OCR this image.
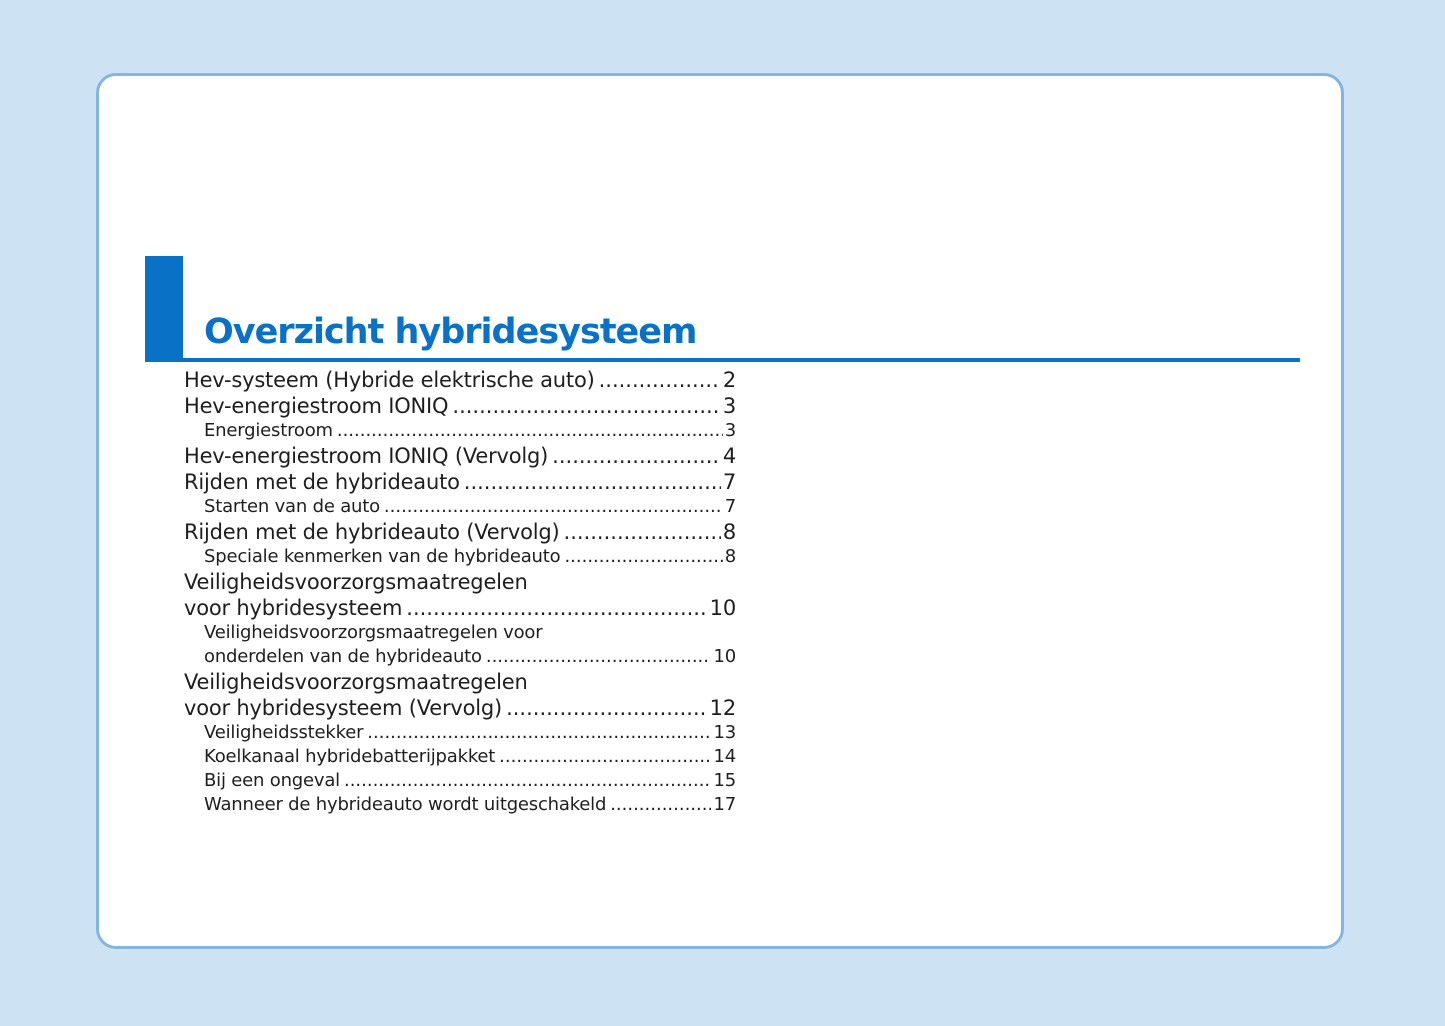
Overzicht hybridesysteem
Hev-systeem (Hybride elektrische auto) .....	2
Hev-energiestroom IONIQ .....	3
Energiestroom .....	3
Hev-energiestroom IONIQ (Vervolg) .....	4
Rijden met de hybrideauto .....	7
Starten van de auto .....	7
Rijden met de hybrideauto (Vervolg) .....	8
Speciale kenmerken van de hybrideauto .....	8
Veiligheidsvoorzorgsmaatregelen
voor hybridesysteem .....	10
Veiligheidsvoorzorgsmaatregelen voor
onderdelen van de hybrideauto .....	10
Veiligheidsvoorzorgsmaatregelen
voor hybridesysteem (Vervolg) .....	12
Veiligheidsstekker .....	13
Koelkanaal hybridebatterijpakket .....	14
Bij een ongeval .....	15
Wanneer de hybrideauto wordt uitgeschakeld .....	17
